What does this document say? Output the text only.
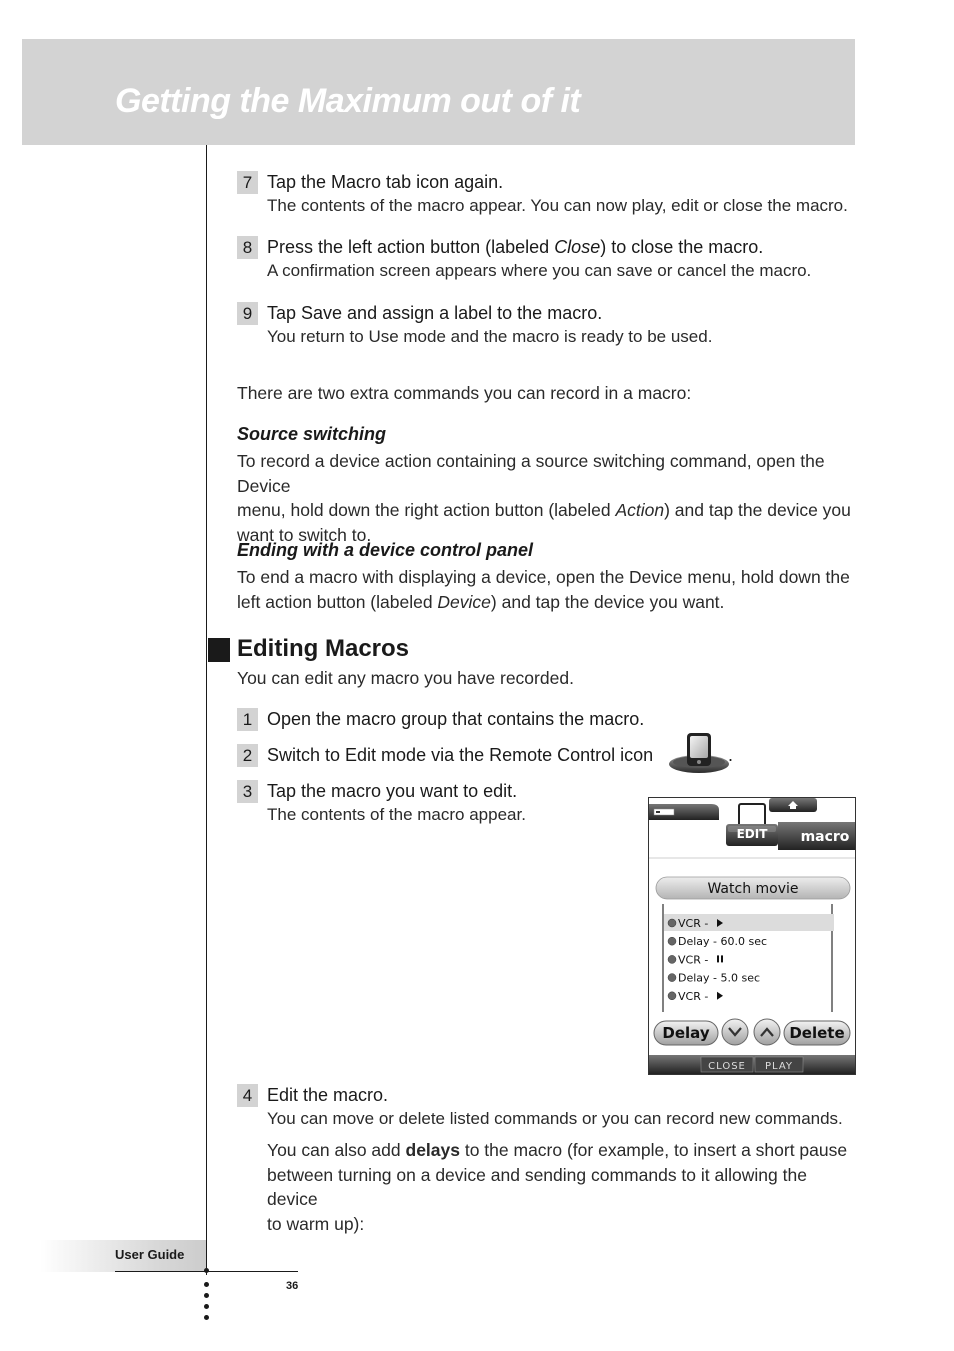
Getting the Maximum out of it
7 Tap the Macro tab icon again.
The contents of the macro appear. You can now play, edit or close the macro.
8 Press the left action button (labeled Close) to close the macro.
A confirmation screen appears where you can save or cancel the macro.
9 Tap Save and assign a label to the macro.
You return to Use mode and the macro is ready to be used.

There are two extra commands you can record in a macro:

Source switching

To record a device action containing a source switching command, open the Device
menu, hold down the right action button (labeled Action) and tap the device you
want to switch to.

Ending with a device control panel

To end a macro with displaying a device, open the Device menu, hold down the
left action button (labeled Device) and tap the device you want.

Editing Macros

You can edit any macro you have recorded.

1 Open the macro group that contains the macro.
2 Switch to Edit mode via the Remote Control icon	.
3 Tap the macro you want to edit.
The contents of the macro appear.
EDIT macro
Watch movie
VCR -
Delay - 60.0 sec
VCR -
Delay - 5.0 sec
VCR -
Delay	Delete
CLOSE PLAY
4 Edit the macro.
You can move or delete listed commands or you can record new commands.

You can also add delays to the macro (for example, to insert a short pause
between turning on a device and sending commands to it allowing the device
to warm up):

User Guide
36
